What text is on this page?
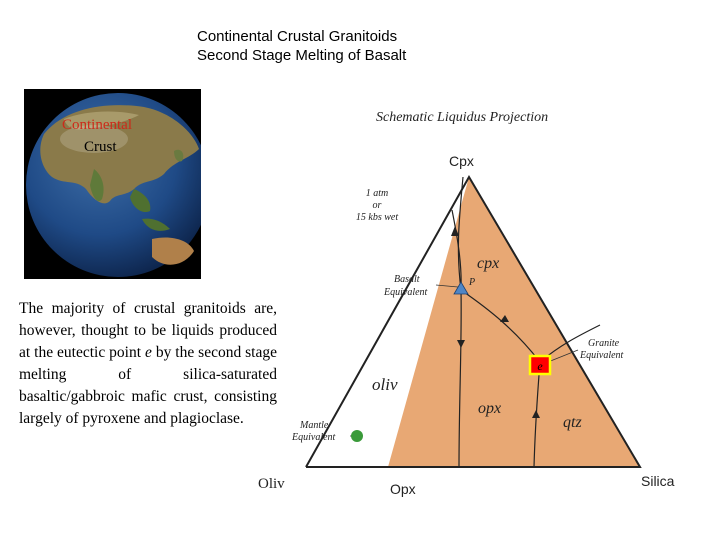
Continental Crustal Granitoids
Second Stage Melting of Basalt
Continental
Crust
The majority of crustal granitoids are, however, thought to be liquids produced at the eutectic point e by the second stage melting of silica-saturated basaltic/gabbroic mafic crust, consisting largely of pyroxene and plagioclase.
Schematic Liquidus Projection
Cpx
Oliv	Opx	Silica
1 atm
or
15 kbs wet
Basalt
Equivalent
P
Granite
Equivalent
Mantle
Equivalent
cpx
oliv
opx
qtz
e
